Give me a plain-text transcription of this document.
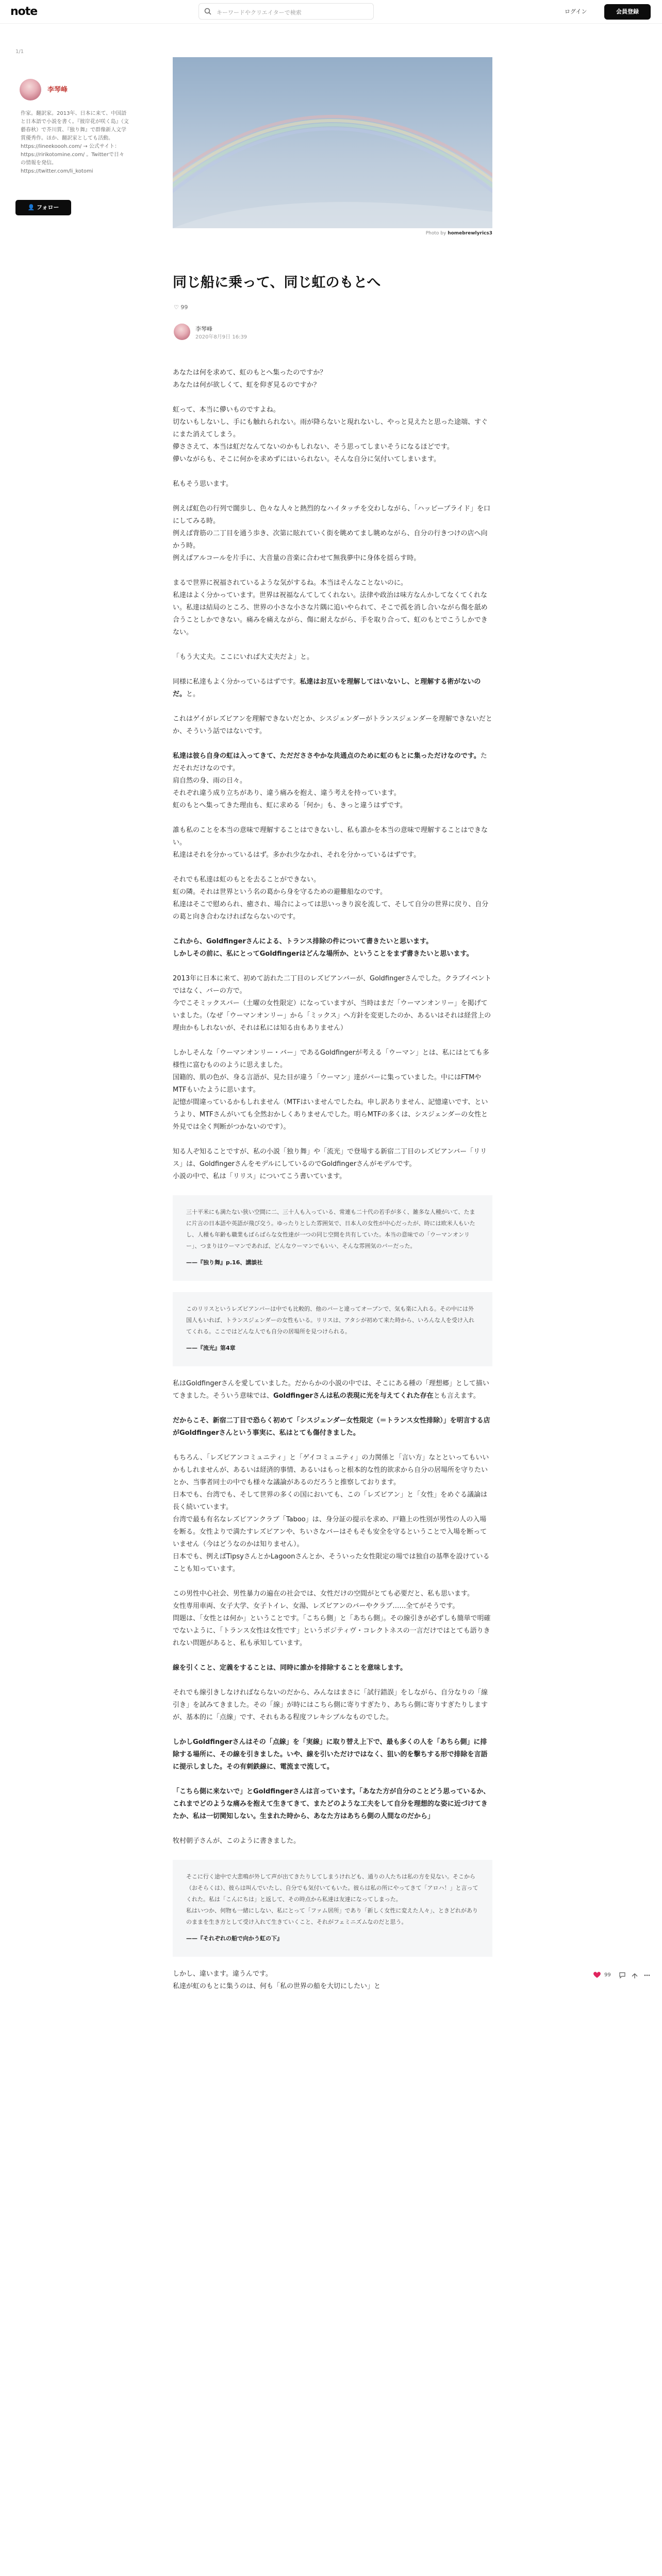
note	キーワードやクリエイターで検索	ログイン	会員登録
1/1
李琴峰
作家。翻訳家。2013年、日本に来て、中国語と日本語で小説を書く。『彼岸花が咲く島』（文藝春秋）で芥川賞、『独り舞』で群像新人文学賞優秀作。ほか、翻訳家としても活動。https://lineekoooh.com/ → 公式サイト：https://ririkotomine.com/ 。Twitterで日々の情報を発信。https://twitter.com/li_kotomi
👤 フォロー
Photo by homebrewlyrics3
同じ船に乗って、同じ虹のもとへ
♡ 99
李琴峰
2020年8月9日 16:39

あなたは何を求めて、虹のもとへ集ったのですか？
あなたは何が欲しくて、虹を仰ぎ見るのですか？

虹って、本当に儚いものですよね。
切ないもしないし、手にも触れられない。雨が降らないと現れないし、やっと見えたと思った途端、すぐにまた消えてしまう。
儚ささえて、本当は虹だなんてないのかもしれない、そう思ってしまいそうになるほどです。
儚いながらも、そこに何かを求めずにはいられない。そんな自分に気付いてしまいます。

私もそう思います。

例えば虹色の行列で闊歩し、色々な人々と熱烈的なハイタッチを交わしながら、「ハッピープライド」を口にしてみる時。
例えば背筋の二丁目を通う歩き、次第に眩れていく街を眺めてまし眺めながら、自分の行きつけの店へ向かう時。
例えばアルコールを片手に、大音量の音楽に合わせて無我夢中に身体を揺らす時。

まるで世界に祝福されているような気がするね。本当はそんなことないのに。
私達はよく分かっています。世界は祝福なんてしてくれない。法律や政治は味方なんかしてなくてくれない。私達は結局のところ、世界の小さな小さな片隅に追いやられて、そこで孤を消し合いながら傷を舐め合うことしかできない。痛みを痛えながら、傷に耐えながら、手を取り合って、虹のもとでこうしかできない。

「もう大丈夫。ここにいれば大丈夫だよ」と。

同様に私達もよく分かっているはずです。私達はお互いを理解してはいないし、と理解する術がないのだ。と。

これはゲイがレズビアンを理解できないだとか、シスジェンダーがトランスジェンダーを理解できないだとか、そういう話ではないです。

私達は彼ら自身の虹は入ってきて、ただだささやかな共通点のために虹のもとに集っただけなのです。ただそれだけなのです。
肩自然の身、雨の日々。
それぞれ違う成り立ちがあり、違う痛みを抱え、違う考えを持っています。
虹のもとへ集ってきた理由も、虹に求める「何か」も、きっと違うはずです。

誰も私のことを本当の意味で理解することはできないし、私も誰かを本当の意味で理解することはできない。
私達はそれを分かっているはず。多かれ少なかれ、それを分かっているはずです。

それでも私達は虹のもとを去ることができない。
虹の隣。それは世界という名の葛から身を守るための避難船なのです。
私達はそこで慰められ、癒され、場合によっては思いっきり涙を流して、そして自分の世界に戻り、自分の葛と向き合わなければならないのです。

これから、Goldfingerさんによる、トランス排除の件について書きたいと思います。
しかしその前に、私にとってGoldfingerはどんな場所か、ということをまず書きたいと思います。

2013年に日本に来て、初めて訪れた二丁目のレズビアンバーが、Goldfingerさんでした。クラブイベントではなく、バーの方で。
今でこそミックスバー（土曜の女性限定）になっていますが、当時はまだ「ウーマンオンリー」を掲げていました。（なぜ「ウーマンオンリー」から「ミックス」へ方針を変更したのか、あるいはそれは経営上の理由かもしれないが、それは私には知る由もありません）

しかしそんな「ウーマンオンリー・バー」であるGoldfingerが考える「ウーマン」とは、私にはとても多様性に富むもののように思えました。
国籍的、肌の色が、身る言語が、見た目が違う「ウーマン」達がバーに集っていました。中にはFTMやMTFもいたように思います。
記憶が間違っているかもしれません（MTFはいませんでしたね。申し訳ありません、記憶違いです、というより、MTFさんがいても全然おかしくありませんでした。明らMTFの多くは、シスジェンダーの女性と外見では全く判断がつかないのです）。

知る人ぞ知ることですが、私の小説「独り舞」や「流光」で登場する新宿二丁目のレズビアンバー「リリス」は、GoldfingerさんをモデルにしているのでGoldfingerさんがモデルです。
小説の中で、私は「リリス」についてこう書いています。

三十平米にも満たない狭い空間に二、三十人も入っている、常連も二十代の若手が多く、雑多な人種がいて、たまに片言の日本語や英語が飛び交う。ゆったりとした雰囲気で、日本人の女性が中心だったが、時には欧米人もいたし、人種も年齢も職業もばらばらな女性達が一つの同じ空間を共有していた。本当の意味での「ウーマンオンリー」、つまりはウーマンであれば、どんなウーマンでもいい、そんな雰囲気のバーだった。
——『独り舞』p.16、講談社
このリリスというレズビアンバーは中でも比較的、他のバーと違ってオープンで、気も楽に入れる。その中には外国人もいれば、トランスジェンダーの女性もいる。リリスは、アタシが初めて来た時から、いろんな人を受け入れてくれる。ここではどんな人でも自分の居場所を見つけられる。
——『流光』第4章

私はGoldfingerさんを愛していました。だからかの小説の中では、そこにある種の「理想郷」として描いてきました。そういう意味では、Goldfingerさんは私の表現に光を与えてくれた存在とも言えます。

だからこそ、新宿二丁目で恐らく初めて「シスジェンダー女性限定（＝トランス女性排除）」を明言する店がGoldfingerさんという事実に、私はとても傷付きました。

もちろん、「レズビアンコミュニティ」と「ゲイコミュニティ」の力関係と「言い方」なとといってもいいかもしれませんが、あるいは経済的事情、あるいはもっと根本的な性的欲求から自分の居場所を守りたいとか、当事者同士の中でも様々な議論があるのだろうと推察しております。
日本でも、台湾でも、そして世界の多くの国においても、この「レズビアン」と「女性」をめぐる議論は長く続いています。
台湾で最も有名なレズビアンクラブ「Taboo」は、身分証の提示を求め、戸籍上の性別が男性の人の入場を断る。女性よりで満たすレズビアンや、ちいさなバーはそもそも安全を守るということで入場を断っていません（今はどうなのかは知りません）。
日本でも、例えばTipsyさんとかLagoonさんとか、そういった女性限定の場では独自の基準を設けていることも知っています。

この男性中心社会、男性暴力の遍在の社会では、女性だけの空間がとても必要だと、私も思います。
女性専用車両、女子大学、女子トイレ、女湯、レズビアンのバーやクラブ……全てがそうです。
問題は、「女性とは何か」ということです。「こちら側」と「あちら側」。その線引きが必ずしも簡単で明確でないように、「トランス女性は女性です」というポジティヴ・コレクトネスの一言だけではとても語りきれない問題があると、私も承知しています。

線を引くこと、定義をすることは、同時に誰かを排除することを意味します。

それでも線引きしなければならないのだから、みんなはまさに「試行錯誤」をしながら、自分なりの「線引き」を試みてきました。その「線」が時にはこちら側に寄りすぎたり、あちら側に寄りすぎたりしますが、基本的に「点線」です、それもある程度フレキシブルなものでした。

しかしGoldfingerさんはその「点線」を「実線」に取り替え上下で、最も多くの人を「あちら側」に排除する場所に、その線を引きました。いや、線を引いただけではなく、狙い的を撃ちする形で排除を言語に提示しました。その有刺鉄線に、電流まで流して。

「こちら側に来ないで」とGoldfingerさんは言っています。「あなた方が自分のことどう思っているか、これまでどのような痛みを抱えて生きてきて、またどのような工夫をして自分を理想的な姿に近づけてきたか、私は一切関知しない。生まれた時から、あなた方はあちら側の人間なのだから」

牧村朝子さんが、このように書きました。

そこに行く途中で大悲鳴が外して声が出てきたりしてしまうけれども、通りの人たちは私の方を見ない。そこから（おそらくは）、彼らは叫んでいたし、自分でも気付いてもいた。彼らは私の所にやってきて「アロハ！」と言ってくれた。私は「こんにちは」と返して、その時点から私達は友達になってしまった。
私はいつか、何物も一緒にしない、私にとって「ファム居所」であり「新しく女性に変えた人々」、ときどれがありのままを生き方として受け入れて生きていくこと、それがフェミニズムなのだと思う。
——『それぞれの船で向かう虹の下』

しかし、違います。違うんです。
私達が虹のもとに集うのは、何も「私の世界の船を大切にしたい」と

99
